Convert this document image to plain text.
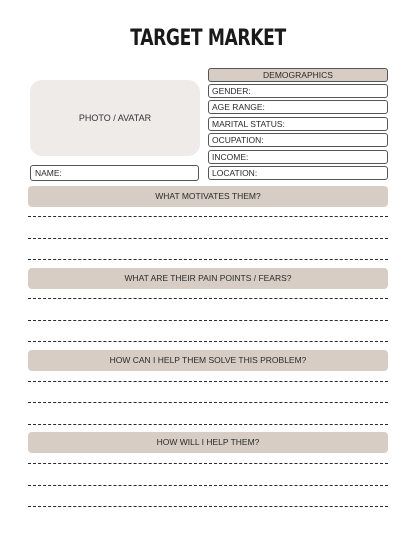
TARGET MARKET
PHOTO / AVATAR
NAME:
DEMOGRAPHICS
GENDER:
AGE RANGE:
MARITAL STATUS:
OCUPATION:
INCOME:
LOCATION:
WHAT MOTIVATES THEM?
WHAT ARE THEIR PAIN POINTS / FEARS?
HOW CAN I HELP THEM SOLVE THIS PROBLEM?
HOW WILL I HELP THEM?
